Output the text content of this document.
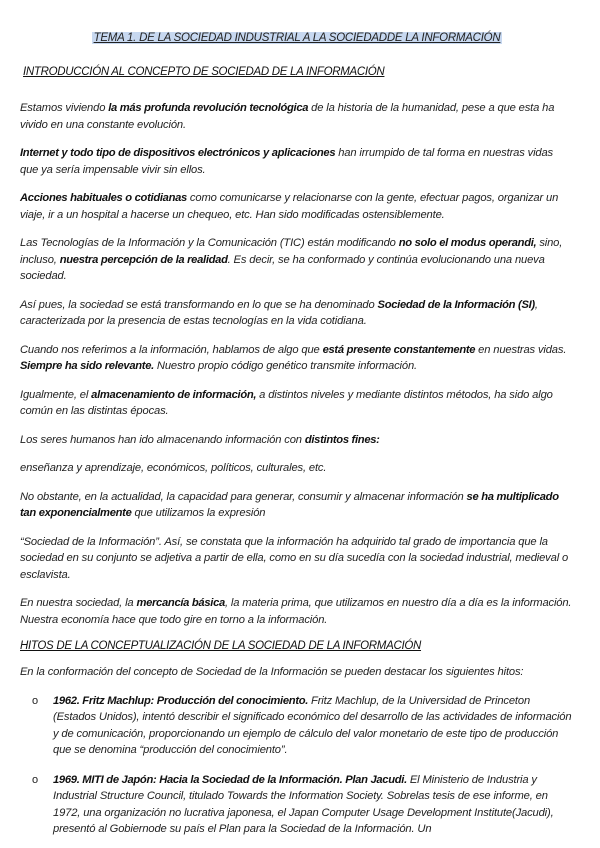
TEMA 1. DE LA SOCIEDAD INDUSTRIAL A LA SOCIEDADDE LA INFORMACIÓN
INTRODUCCIÓN AL CONCEPTO DE SOCIEDAD DE LA INFORMACIÓN

Estamos viviendo la más profunda revolución tecnológica de la historia de la humanidad, pese a que esta ha vivido en una constante evolución.

Internet y todo tipo de dispositivos electrónicos y aplicaciones han irrumpido de tal forma en nuestras vidas que ya sería impensable vivir sin ellos.

Acciones habituales o cotidianas como comunicarse y relacionarse con la gente, efectuar pagos, organizar un viaje, ir a un hospital a hacerse un chequeo, etc. Han sido modificadas ostensiblemente.

Las Tecnologías de la Información y la Comunicación (TIC) están modificando no solo el modus operandi, sino, incluso, nuestra percepción de la realidad. Es decir, se ha conformado y continúa evolucionando una nueva sociedad.

Así pues, la sociedad se está transformando en lo que se ha denominado Sociedad de la Información (SI), caracterizada por la presencia de estas tecnologías en la vida cotidiana.

Cuando nos referimos a la información, hablamos de algo que está presente constantemente en nuestras vidas. Siempre ha sido relevante. Nuestro propio código genético transmite información.

Igualmente, el almacenamiento de información, a distintos niveles y mediante distintos métodos, ha sido algo común en las distintas épocas.

Los seres humanos han ido almacenando información con distintos fines:

enseñanza y aprendizaje, económicos, políticos, culturales, etc.

No obstante, en la actualidad, la capacidad para generar, consumir y almacenar información se ha multiplicado tan exponencialmente que utilizamos la expresión

“Sociedad de la Información”. Así, se constata que la información ha adquirido tal grado de importancia que la sociedad en su conjunto se adjetiva a partir de ella, como en su día sucedía con la sociedad industrial, medieval o esclavista.

En nuestra sociedad, la mercancía básica, la materia prima, que utilizamos en nuestro día a día es la información. Nuestra economía hace que todo gire en torno a la información.

HITOS DE LA CONCEPTUALIZACIÓN DE LA SOCIEDAD DE LA INFORMACIÓN

En la conformación del concepto de Sociedad de la Información se pueden destacar los siguientes hitos:

o 1962. Fritz Machlup: Producción del conocimiento. Fritz Machlup, de la Universidad de Princeton (Estados Unidos), intentó describir el significado económico del desarrollo de las actividades de información y de comunicación, proporcionando un ejemplo de cálculo del valor monetario de este tipo de producción que se denomina “producción del conocimiento”.
o 1969. MITI de Japón: Hacia la Sociedad de la Información. Plan Jacudi. El Ministerio de Industria y Industrial Structure Council, titulado Towards the Information Society. Sobrelas tesis de ese informe, en 1972, una organización no lucrativa japonesa, el Japan Computer Usage Development Institute(Jacudi), presentó al Gobiernode su país el Plan para la Sociedad de la Información. Un
